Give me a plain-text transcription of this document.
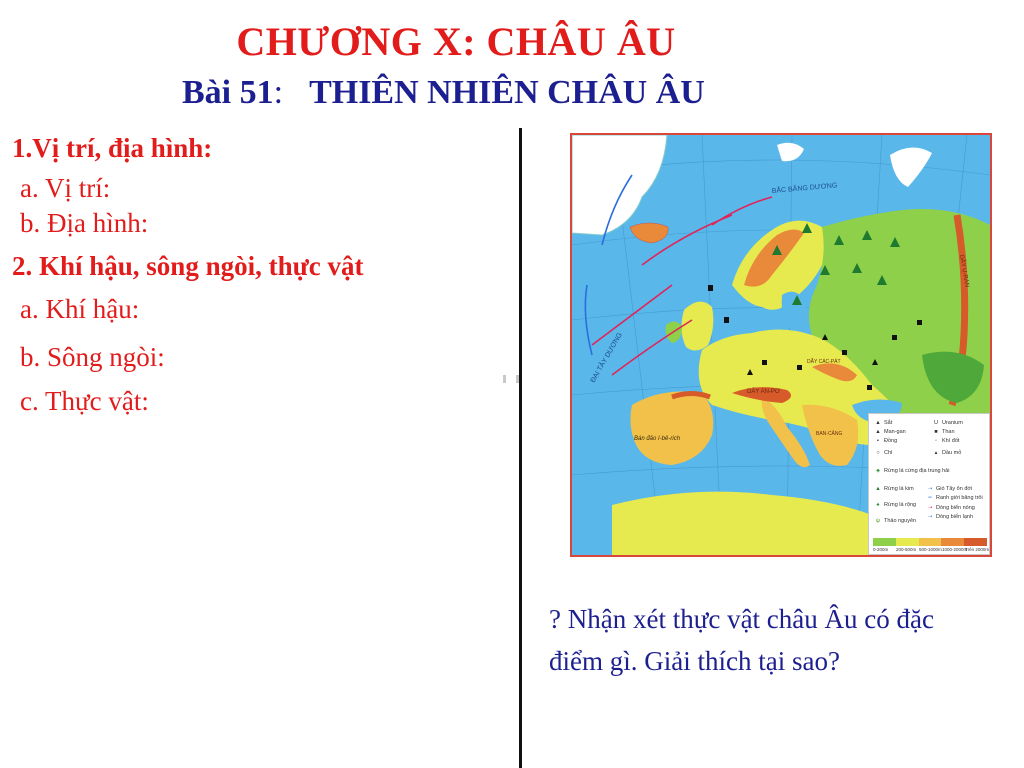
CHƯƠNG X: CHÂU ÂU
Bài 51: THIÊN NHIÊN CHÂU ÂU
1.Vị trí, địa hình:
a. Vị trí:
b. Địa hình:
2. Khí hậu, sông ngòi, thực vật
a. Khí hậu:
b. Sông ngòi:
c. Thực vật:
BẮC BĂNG DƯƠNG
ĐẠI TÂY DƯƠNG
DÃY U-RAN
DÃY AN-PƠ
Bán đảo I-bê-rich
DÃY CÁC-PÁT
BAN-CĂNG
▲ Sắt
▲ Man-gan
▪ Đồng
○ Chì
U Uranium
■ Than
◦ Khí đốt
▴ Dầu mỏ
♣ Rừng lá cứng địa trung hải
▲ Rừng lá kim
♠ Rừng lá rộng
ψ Thảo nguyên
➝ Gió Tây ôn đới
┅ Ranh giới băng trôi
➝ Dòng biển nóng
➝ Dòng biển lạnh
0-200m 200-500m 500-1000m 1000-2000m
Trên 2000m
? Nhận xét thực vật châu Âu có đặc điểm gì. Giải thích tại sao?
